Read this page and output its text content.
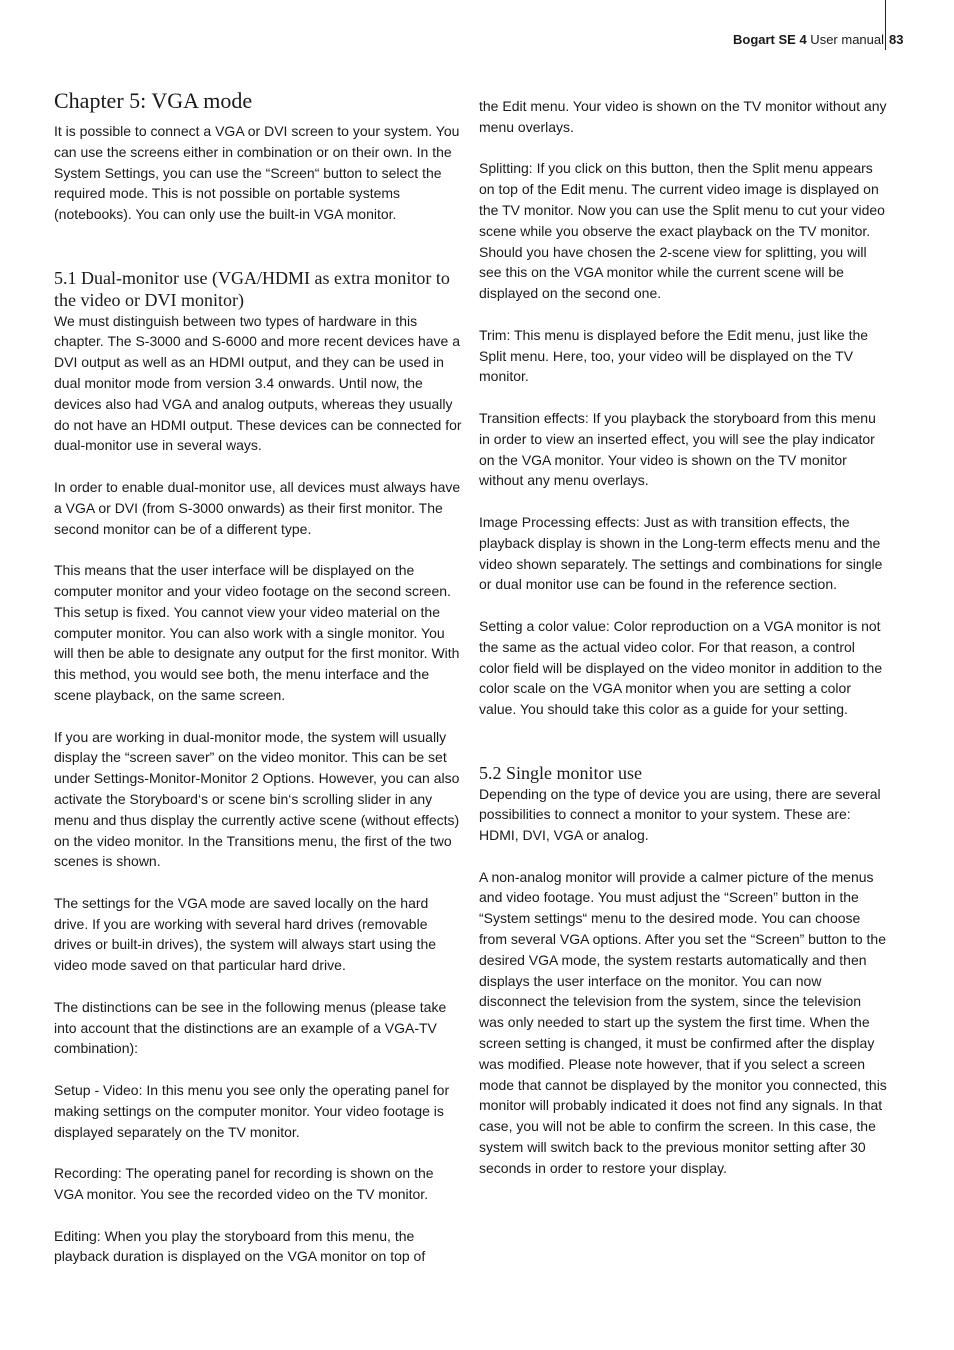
Bogart SE 4 User manual 83
Chapter 5: VGA mode

It is possible to connect a VGA or DVI screen to your system. You can use the screens either in combination or on their own. In the System Settings, you can use the “Screen“ button to select the required mode. This is not possible on portable systems (notebooks). You can only use the built-in VGA monitor.

5.1 Dual-monitor use (VGA/HDMI as extra monitor to the video or DVI monitor)

We must distinguish between two types of hardware in this chapter. The S-3000 and S-6000 and more recent devices have a DVI output as well as an HDMI output, and they can be used in dual monitor mode from version 3.4 onwards. Until now, the devices also had VGA and analog outputs, whereas they usually do not have an HDMI output. These devices can be connected for dual-monitor use in several ways.

In order to enable dual-monitor use, all devices must always have a VGA or DVI (from S-3000 onwards) as their first monitor. The second monitor can be of a different type.

This means that the user interface will be displayed on the computer monitor and your video footage on the second screen. This setup is fixed. You cannot view your video material on the computer monitor. You can also work with a single monitor. You will then be able to designate any output for the first monitor. With this method, you would see both, the menu interface and the scene playback, on the same screen.

If you are working in dual-monitor mode, the system will usually display the “screen saver” on the video monitor. This can be set under Settings-Monitor-Monitor 2 Options. However, you can also activate the Storyboard‘s or scene bin‘s scrolling slider in any menu and thus display the currently active scene (without effects) on the video monitor. In the Transitions menu, the first of the two scenes is shown.

The settings for the VGA mode are saved locally on the hard drive. If you are working with several hard drives (removable drives or built-in drives), the system will always start using the video mode saved on that particular hard drive.

The distinctions can be see in the following menus (please take into account that the distinctions are an example of a VGA-TV combination):

Setup - Video: In this menu you see only the operating panel for making settings on the computer monitor. Your video footage is displayed separately on the TV monitor.

Recording: The operating panel for recording is shown on the VGA monitor. You see the recorded video on the TV monitor.

Editing: When you play the storyboard from this menu, the playback duration is displayed on the VGA monitor on top of

the Edit menu. Your video is shown on the TV monitor without any menu overlays.

Splitting: If you click on this button, then the Split menu appears on top of the Edit menu. The current video image is displayed on the TV monitor. Now you can use the Split menu to cut your video scene while you observe the exact playback on the TV monitor. Should you have chosen the 2-scene view for splitting, you will see this on the VGA monitor while the current scene will be displayed on the second one.

Trim: This menu is displayed before the Edit menu, just like the Split menu. Here, too, your video will be displayed on the TV monitor.

Transition effects: If you playback the storyboard from this menu in order to view an inserted effect, you will see the play indicator on the VGA monitor. Your video is shown on the TV monitor without any menu overlays.

Image Processing effects: Just as with transition effects, the playback display is shown in the Long-term effects menu and the video shown separately. The settings and combinations for single or dual monitor use can be found in the reference section.

Setting a color value: Color reproduction on a VGA monitor is not the same as the actual video color. For that reason, a control color field will be displayed on the video monitor in addition to the color scale on the VGA monitor when you are setting a color value. You should take this color as a guide for your setting.

5.2 Single monitor use

Depending on the type of device you are using, there are several possibilities to connect a monitor to your system. These are: HDMI, DVI, VGA or analog.

A non-analog monitor will provide a calmer picture of the menus and video footage. You must adjust the “Screen” button in the “System settings“ menu to the desired mode. You can choose from several VGA options. After you set the “Screen” button to the desired VGA mode, the system restarts automatically and then displays the user interface on the monitor. You can now disconnect the television from the system, since the television was only needed to start up the system the first time. When the screen setting is changed, it must be confirmed after the display was modified. Please note however, that if you select a screen mode that cannot be displayed by the monitor you connected, this monitor will probably indicated it does not find any signals. In that case, you will not be able to confirm the screen. In this case, the system will switch back to the previous monitor setting after 30 seconds in order to restore your display.
